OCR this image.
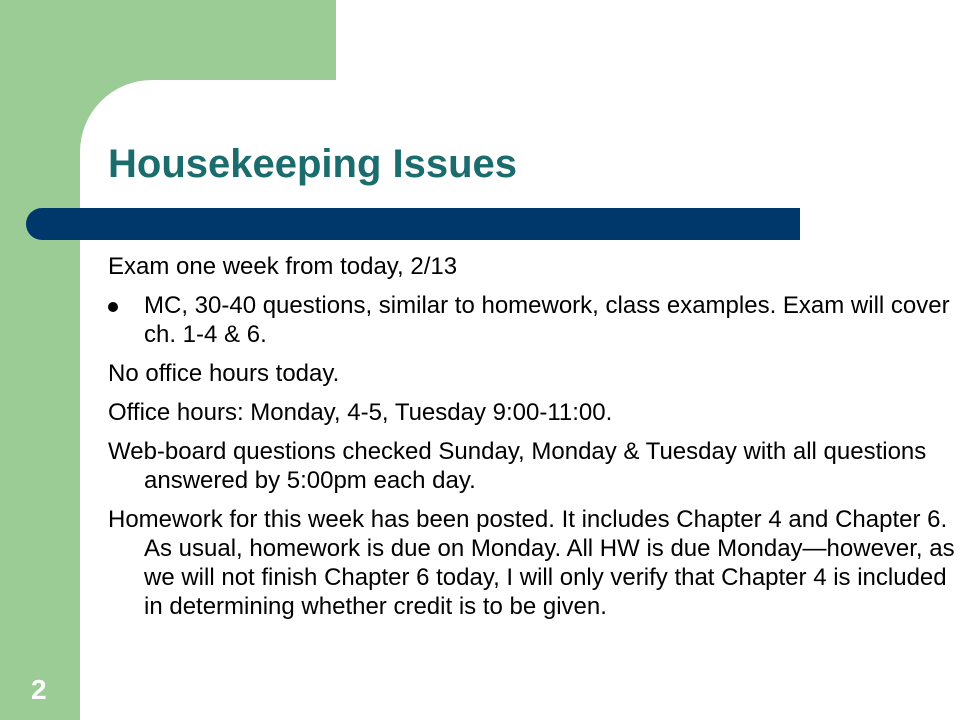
Housekeeping Issues

Exam one week from today, 2/13

MC, 30-40 questions, similar to homework, class examples. Exam will cover ch. 1-4 & 6.

No office hours today.

Office hours: Monday, 4-5, Tuesday 9:00-11:00.

Web-board questions checked Sunday, Monday & Tuesday with all questions answered by 5:00pm each day.

Homework for this week has been posted. It includes Chapter 4 and Chapter 6. As usual, homework is due on Monday. All HW is due Monday—however, as we will not finish Chapter 6 today, I will only verify that Chapter 4 is included in determining whether credit is to be given.

2
